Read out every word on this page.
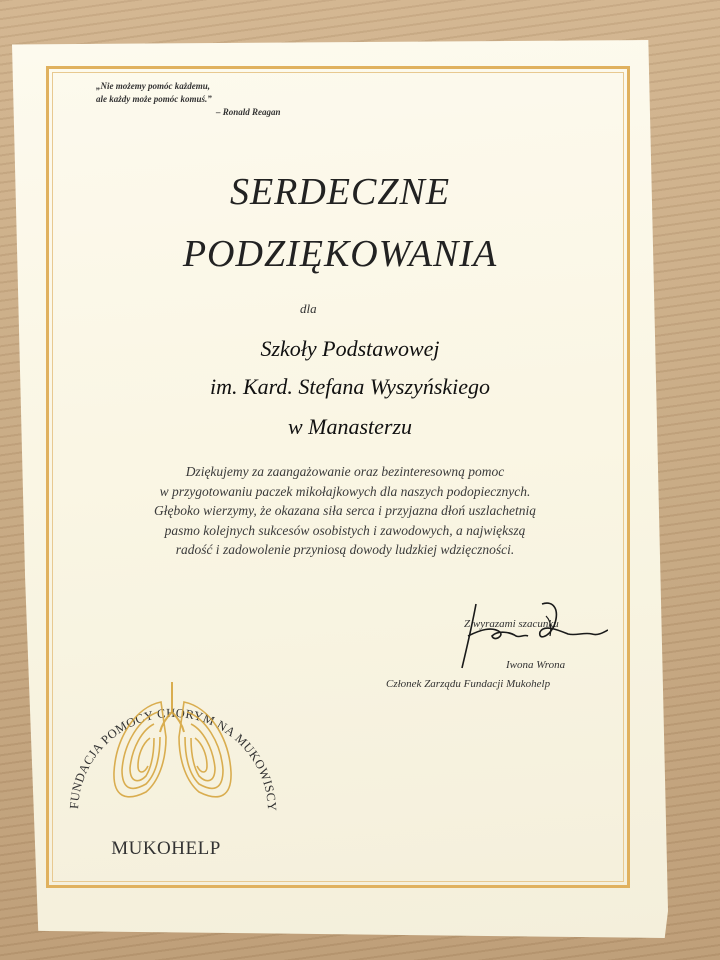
„Nie możemy pomóc każdemu,
ale każdy może pomóc komuś.”
– Ronald Reagan
SERDECZNE
PODZIĘKOWANIA
dla
Szkoły Podstawowej
im. Kard. Stefana Wyszyńskiego
w Manasterzu
Dziękujemy za zaangażowanie oraz bezinteresowną pomoc
w przygotowaniu paczek mikołajkowych dla naszych podopiecznych.
Głęboko wierzymy, że okazana siła serca i przyjazna dłoń uszlachetnią
pasmo kolejnych sukcesów osobistych i zawodowych, a największą
radość i zadowolenie przyniosą dowody ludzkiej wdzięczności.
Z wyrazami szacunku
Iwona Wrona
Członek Zarządu Fundacji Mukohelp
FUNDACJA POMOCY CHORYM NA MUKOWISCY
MUKOHELP
